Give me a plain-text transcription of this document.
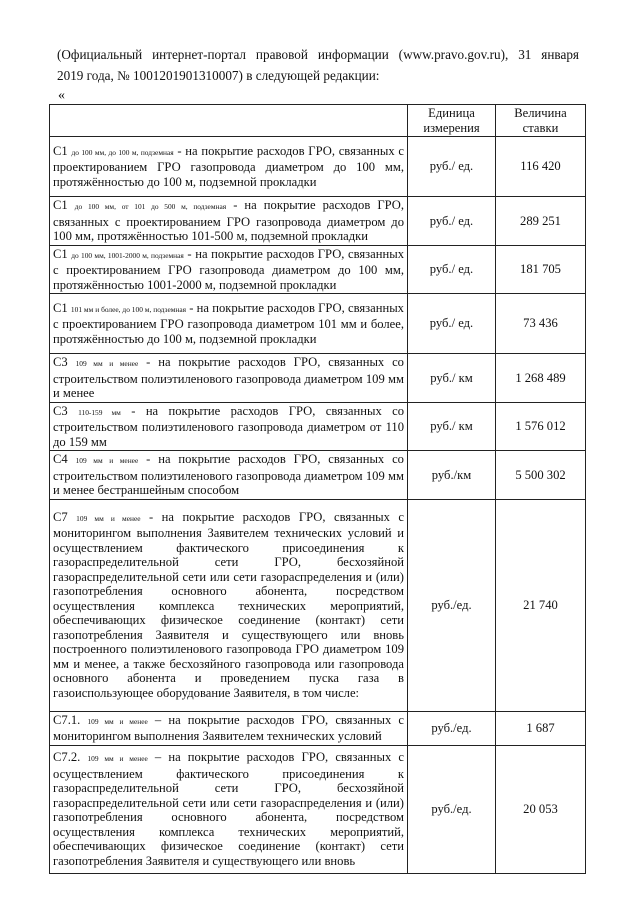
(Официальный интернет-портал правовой информации (www.pravo.gov.ru), 31 января
2019 года, № 1001201901310007) в следующей редакции:
«
	Единица измерения	Величина ставки
С1 до 100 мм, до 100 м, подземная - на покрытие расходов ГРО, связанных с проектированием ГРО газопровода диаметром до 100 мм, протяжённостью до 100 м, подземной прокладки	руб./ ед.	116 420
С1 до 100 мм, от 101 до 500 м, подземная - на покрытие расходов ГРО, связанных с проектированием ГРО газопровода диаметром до 100 мм, протяжённостью 101-500 м, подземной прокладки	руб./ ед.	289 251
С1 до 100 мм, 1001-2000 м, подземная - на покрытие расходов ГРО, связанных с проектированием ГРО газопровода диаметром до 100 мм, протяжённостью 1001-2000 м, подземной прокладки	руб./ ед.	181 705
С1 101 мм и более, до 100 м, подземная - на покрытие расходов ГРО, связанных с проектированием ГРО газопровода диаметром 101 мм и более, протяжённостью до 100 м, подземной прокладки	руб./ ед.	73 436
С3 109 мм и менее - на покрытие расходов ГРО, связанных со строительством полиэтиленового газопровода диаметром 109 мм и менее	руб./ км	1 268 489
С3 110-159 мм - на покрытие расходов ГРО, связанных со строительством полиэтиленового газопровода диаметром от 110 до 159 мм	руб./ км	1 576 012
С4 109 мм и менее - на покрытие расходов ГРО, связанных со строительством полиэтиленового газопровода диаметром 109 мм и менее бестраншейным способом	руб./км	5 500 302
С7 109 мм и менее - на покрытие расходов ГРО, связанных с мониторингом выполнения Заявителем технических условий и осуществлением фактического присоединения к газораспределительной сети ГРО, бесхозяйной газораспределительной сети или сети газораспределения и (или) газопотребления основного абонента, посредством осуществления комплекса технических мероприятий, обеспечивающих физическое соединение (контакт) сети газопотребления Заявителя и существующего или вновь построенного полиэтиленового газопровода ГРО диаметром 109 мм и менее, а также бесхозяйного газопровода или газопровода основного абонента и проведением пуска газа в газоиспользующее оборудование Заявителя, в том числе:	руб./ед.	21 740
С7.1. 109 мм и менее – на покрытие расходов ГРО, связанных с мониторингом выполнения Заявителем технических условий	руб./ед.	1 687
С7.2. 109 мм и менее – на покрытие расходов ГРО, связанных с осуществлением фактического присоединения к газораспределительной сети ГРО, бесхозяйной газораспределительной сети или сети газораспределения и (или) газопотребления основного абонента, посредством осуществления комплекса технических мероприятий, обеспечивающих физическое соединение (контакт) сети газопотребления Заявителя и существующего или вновь	руб./ед.	20 053
